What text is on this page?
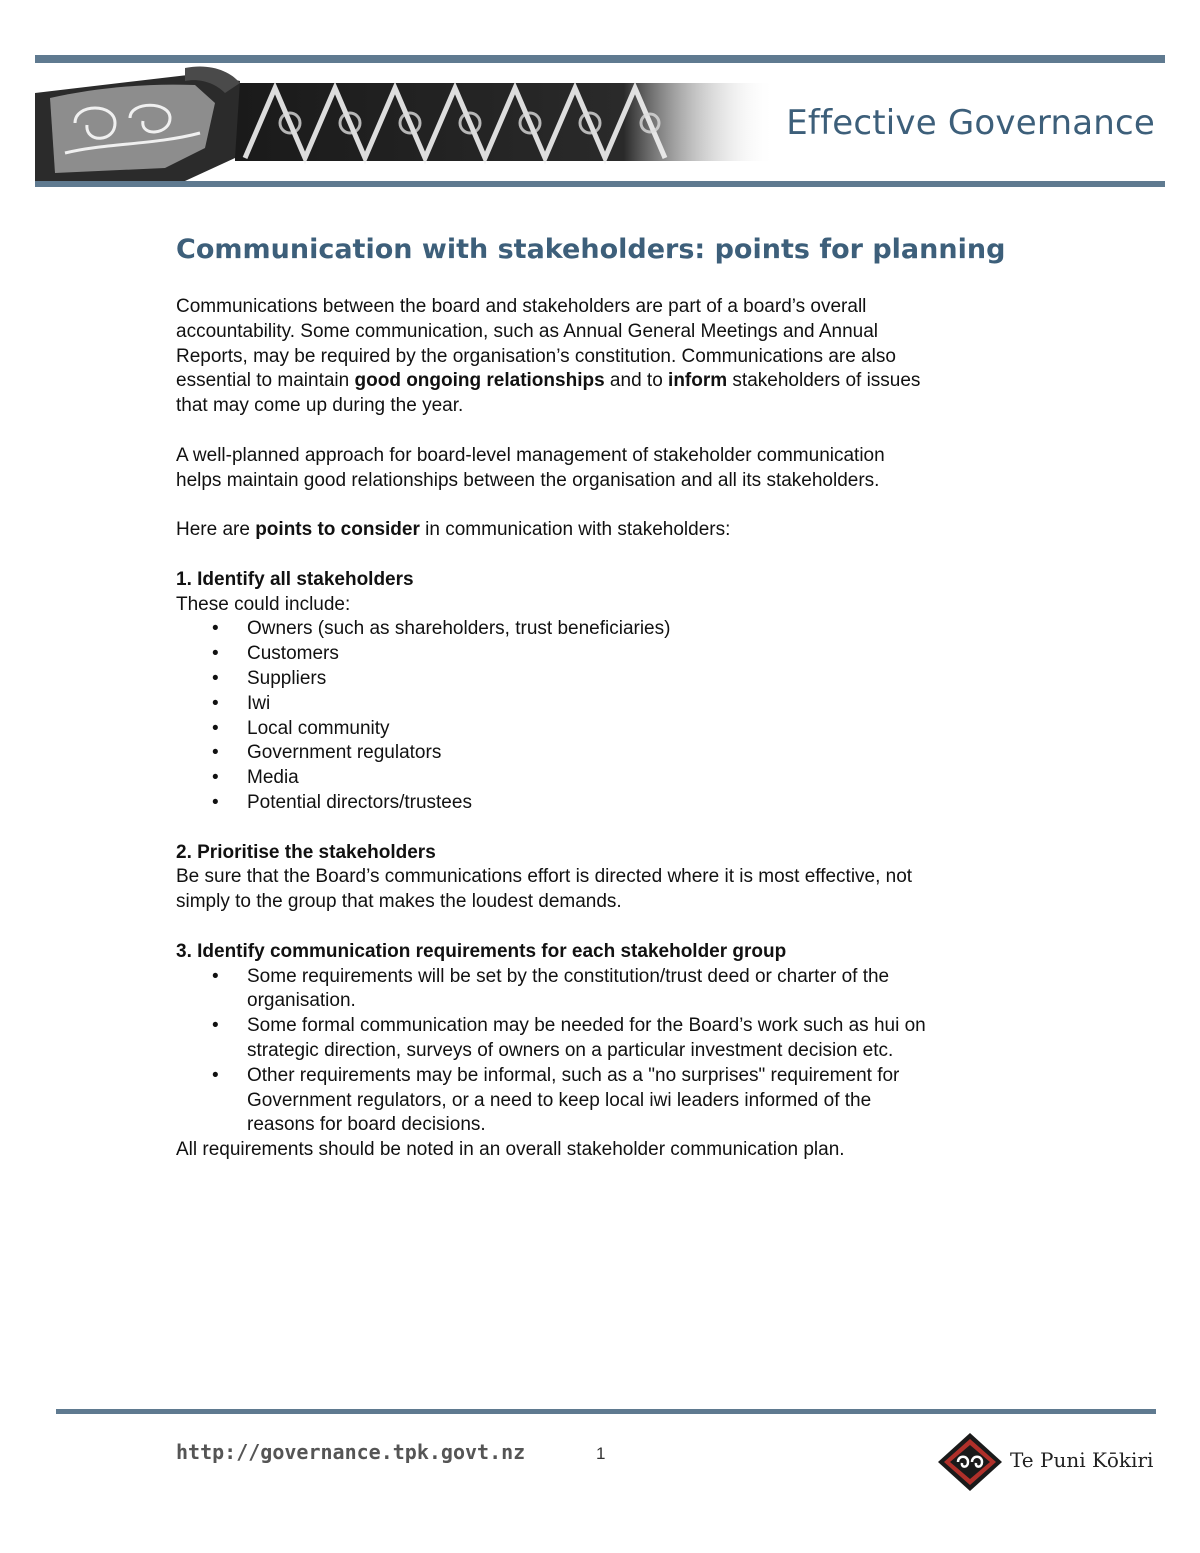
Effective Governance
Communication with stakeholders: points for planning

Communications between the board and stakeholders are part of a board’s overall
accountability. Some communication, such as Annual General Meetings and Annual
Reports, may be required by the organisation’s constitution. Communications are also
essential to maintain good ongoing relationships and to inform stakeholders of issues
that may come up during the year.

A well-planned approach for board-level management of stakeholder communication
helps maintain good relationships between the organisation and all its stakeholders.

Here are points to consider in communication with stakeholders:

1. Identify all stakeholders

These could include:

• Owners (such as shareholders, trust beneficiaries)
• Customers
• Suppliers
• Iwi
• Local community
• Government regulators
• Media
• Potential directors/trustees

2. Prioritise the stakeholders

Be sure that the Board’s communications effort is directed where it is most effective, not
simply to the group that makes the loudest demands.

3. Identify communication requirements for each stakeholder group

• Some requirements will be set by the constitution/trust deed or charter of the
organisation.
• Some formal communication may be needed for the Board’s work such as hui on
strategic direction, surveys of owners on a particular investment decision etc.
• Other requirements may be informal, such as a "no surprises" requirement for
Government regulators, or a need to keep local iwi leaders informed of the
reasons for board decisions.

All requirements should be noted in an overall stakeholder communication plan.

http://governance.tpk.govt.nz	1	Te Puni Kōkiri
